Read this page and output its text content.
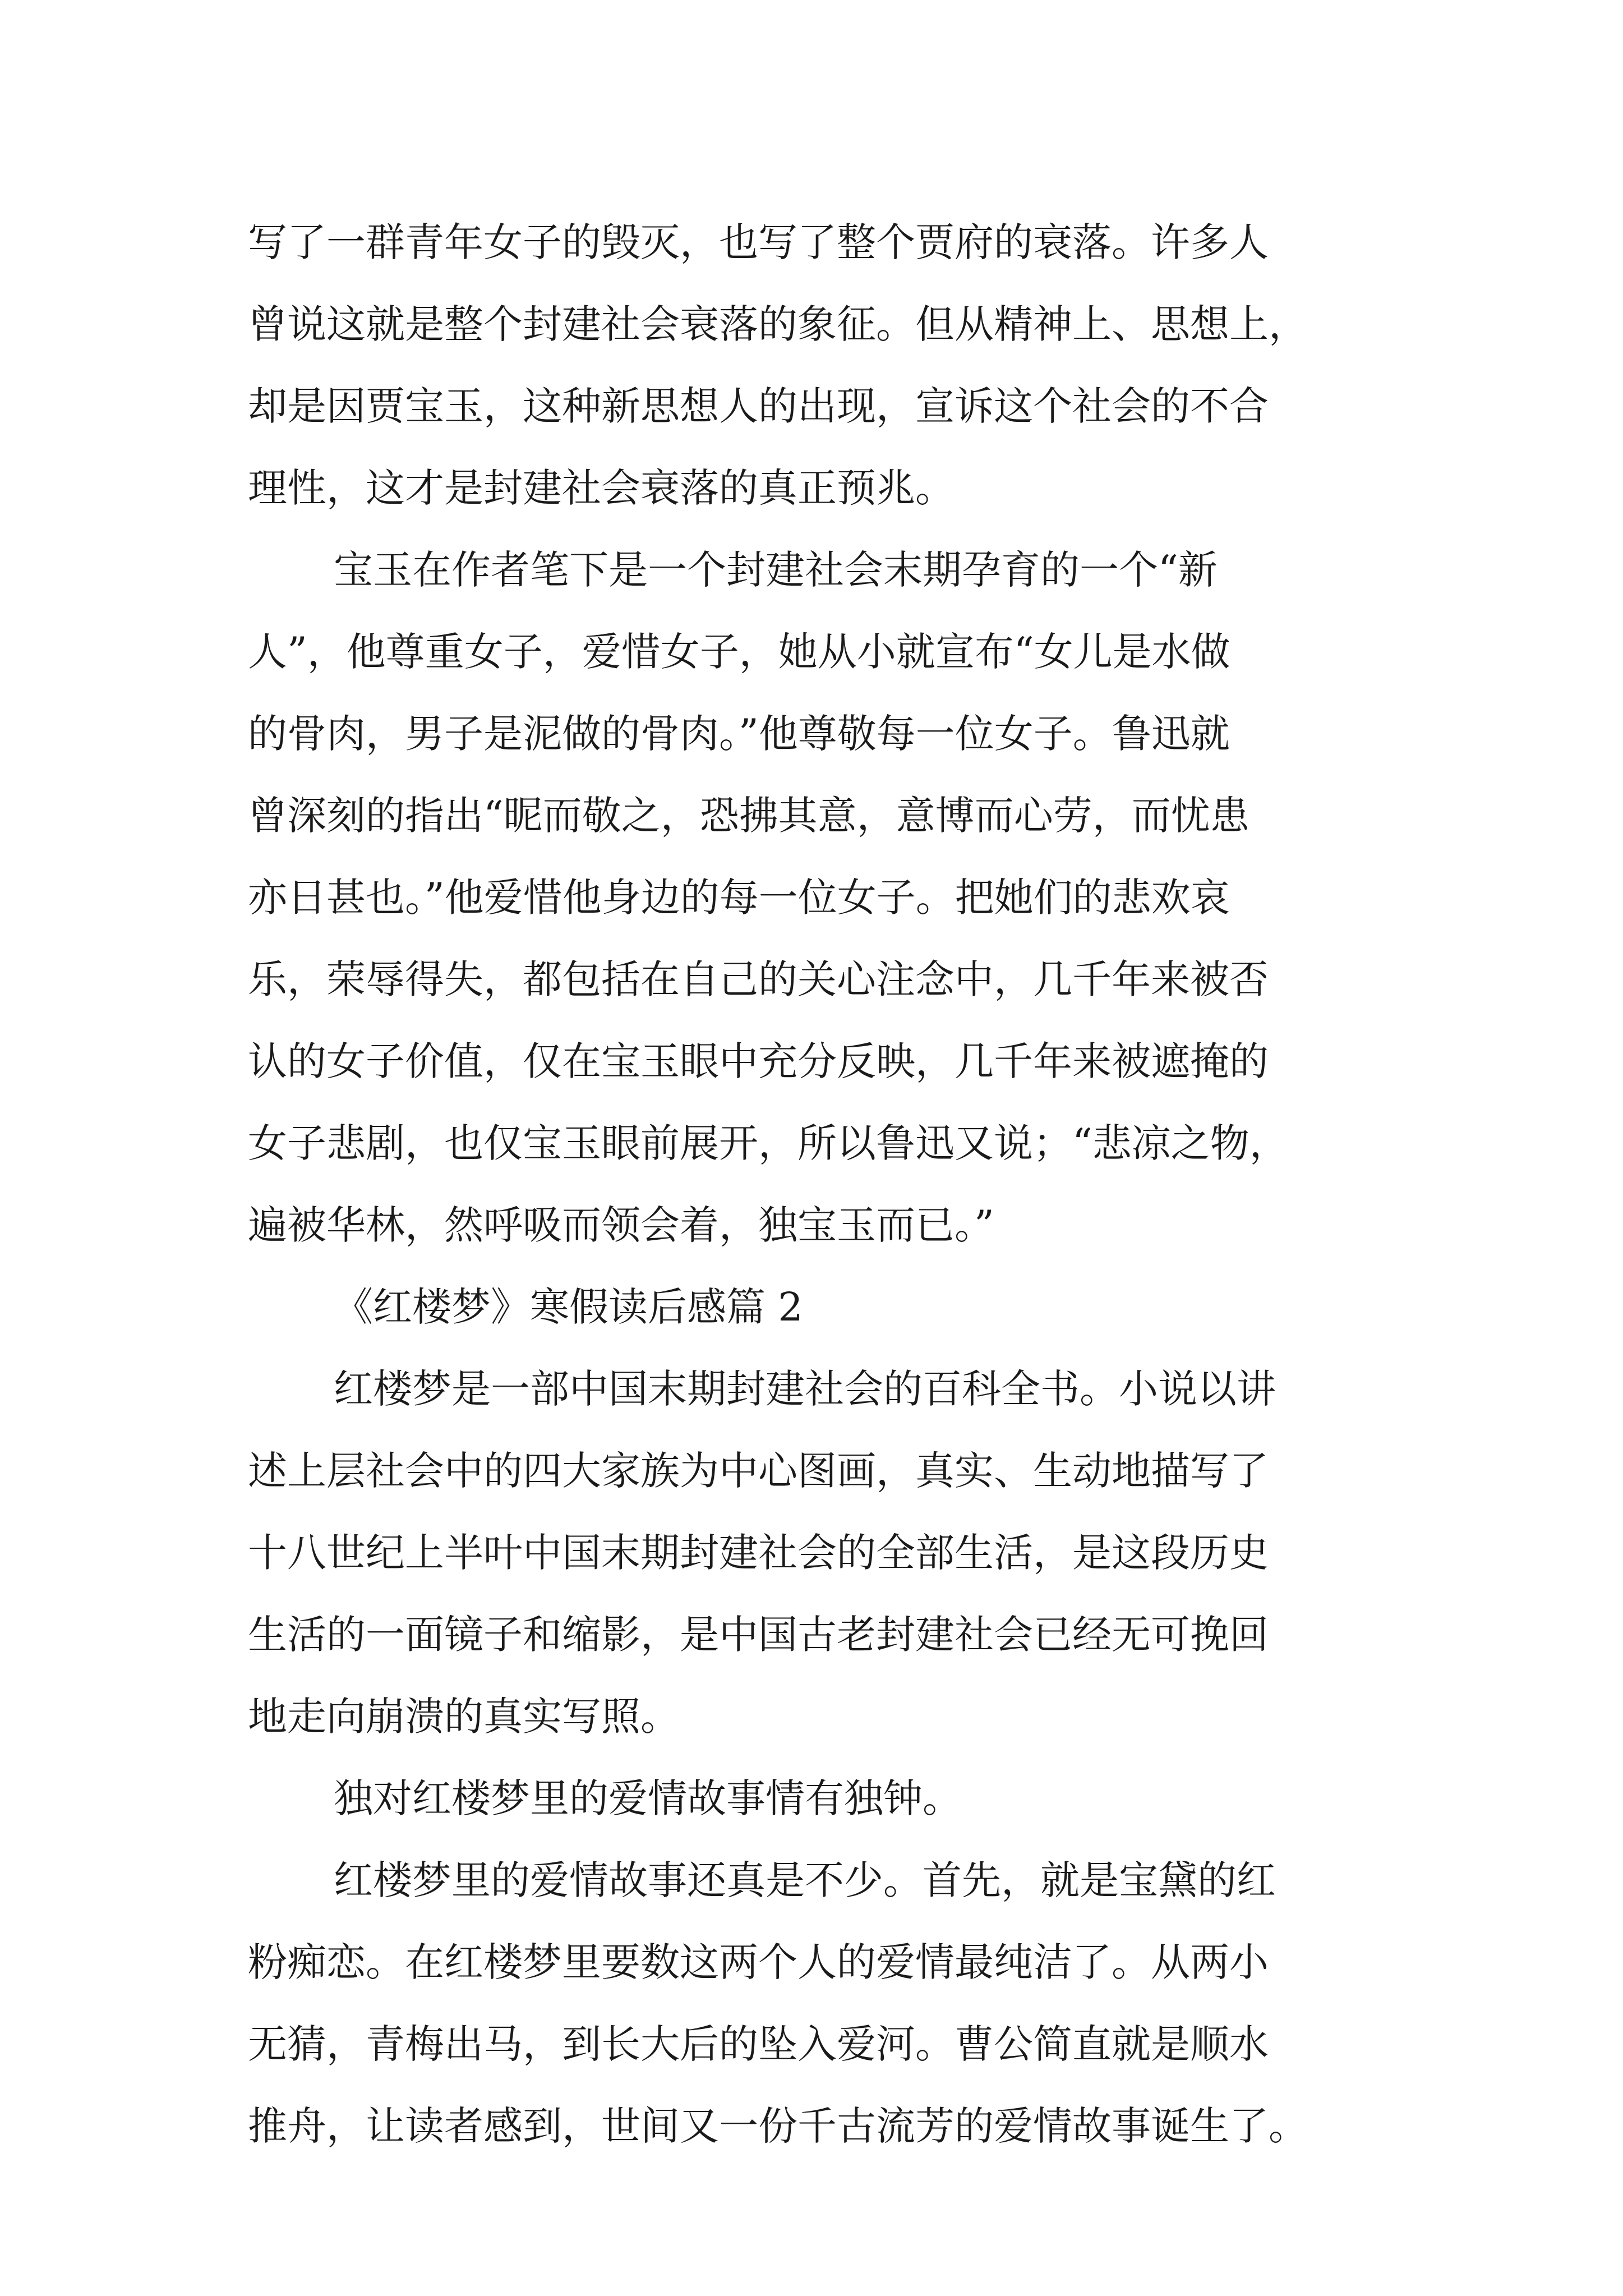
写了一群青年女子的毁灭，也写了整个贾府的衰落。许多人
曾说这就是整个封建社会衰落的象征。但从精神上、思想上，
却是因贾宝玉，这种新思想人的出现，宣诉这个社会的不合
理性，这才是封建社会衰落的真正预兆。
宝玉在作者笔下是一个封建社会末期孕育的一个“新
人”，他尊重女子，爱惜女子，她从小就宣布“女儿是水做
的骨肉，男子是泥做的骨肉。”他尊敬每一位女子。鲁迅就
曾深刻的指出“昵而敬之，恐拂其意，意博而心劳，而忧患
亦日甚也。”他爱惜他身边的每一位女子。把她们的悲欢哀
乐，荣辱得失，都包括在自己的关心注念中，几千年来被否
认的女子价值，仅在宝玉眼中充分反映，几千年来被遮掩的
女子悲剧，也仅宝玉眼前展开，所以鲁迅又说；“悲凉之物，
遍被华林，然呼吸而领会着，独宝玉而已。”
《红楼梦》寒假读后感篇 2
红楼梦是一部中国末期封建社会的百科全书。小说以讲
述上层社会中的四大家族为中心图画，真实、生动地描写了
十八世纪上半叶中国末期封建社会的全部生活，是这段历史
生活的一面镜子和缩影，是中国古老封建社会已经无可挽回
地走向崩溃的真实写照。
独对红楼梦里的爱情故事情有独钟。
红楼梦里的爱情故事还真是不少。首先，就是宝黛的红
粉痴恋。在红楼梦里要数这两个人的爱情最纯洁了。从两小
无猜，青梅出马，到长大后的坠入爱河。曹公简直就是顺水
推舟，让读者感到，世间又一份千古流芳的爱情故事诞生了。
